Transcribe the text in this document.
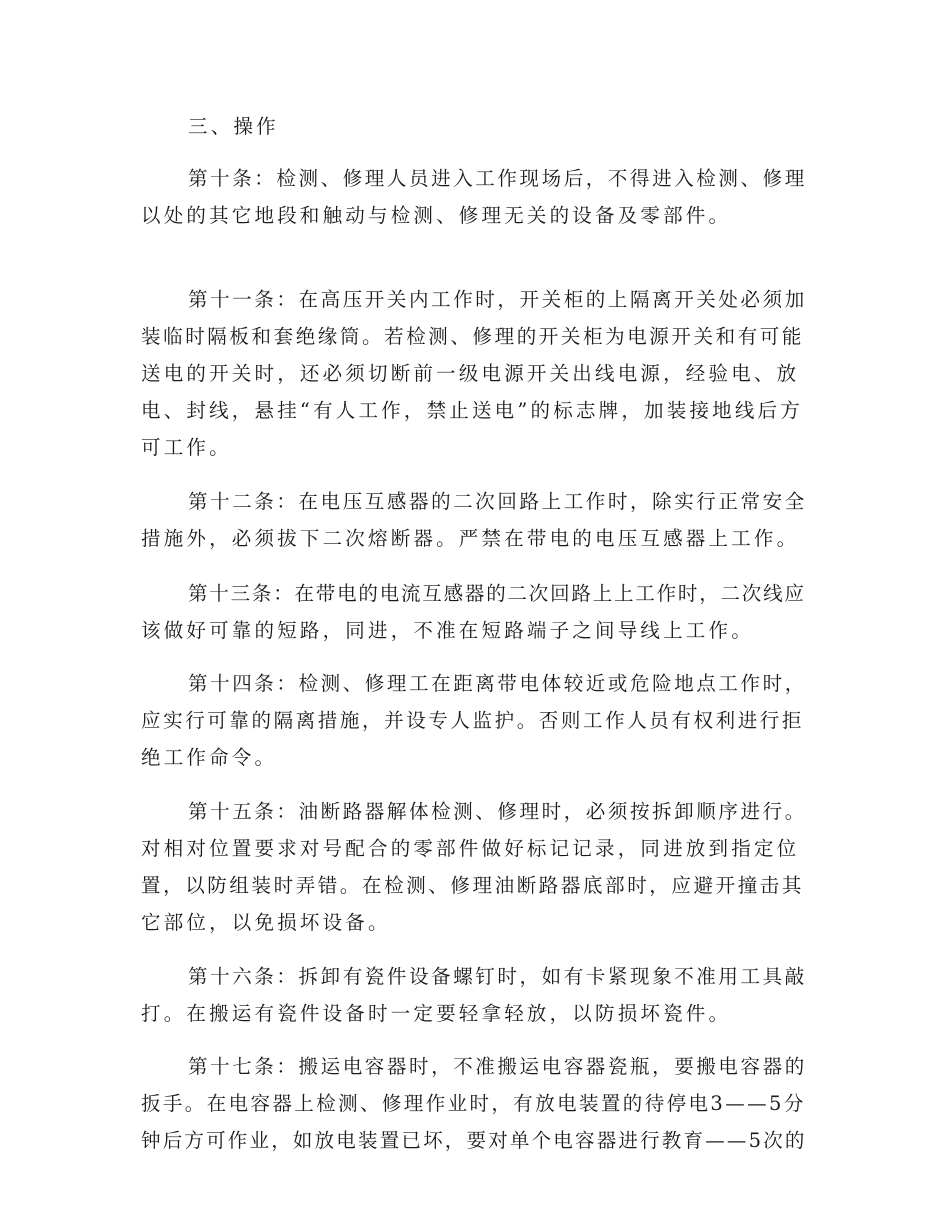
三、操作

第十条：检测、修理人员进入工作现场后，不得进入检测、修理

以处的其它地段和触动与检测、修理无关的设备及零部件。

第十一条：在高压开关内工作时，开关柜的上隔离开关处必须加

装临时隔板和套绝缘筒。若检测、修理的开关柜为电源开关和有可能

送电的开关时，还必须切断前一级电源开关出线电源，经验电、放

电、封线，悬挂“有人工作，禁止送电”的标志牌，加装接地线后方

可工作。

第十二条：在电压互感器的二次回路上工作时，除实行正常安全

措施外，必须拔下二次熔断器。严禁在带电的电压互感器上工作。

第十三条：在带电的电流互感器的二次回路上上工作时，二次线应

该做好可靠的短路，同进，不准在短路端子之间导线上工作。

第十四条：检测、修理工在距离带电体较近或危险地点工作时，

应实行可靠的隔离措施，并设专人监护。否则工作人员有权利进行拒

绝工作命令。

第十五条：油断路器解体检测、修理时，必须按拆卸顺序进行。

对相对位置要求对号配合的零部件做好标记记录，同进放到指定位

置，以防组装时弄错。在检测、修理油断路器底部时，应避开撞击其

它部位，以免损坏设备。

第十六条：拆卸有瓷件设备螺钉时，如有卡紧现象不准用工具敲

打。在搬运有瓷件设备时一定要轻拿轻放，以防损坏瓷件。

第十七条：搬运电容器时，不准搬运电容器瓷瓶，要搬电容器的

扳手。在电容器上检测、修理作业时，有放电装置的待停电3——5分

钟后方可作业，如放电装置已坏，要对单个电容器进行教育——5次的
